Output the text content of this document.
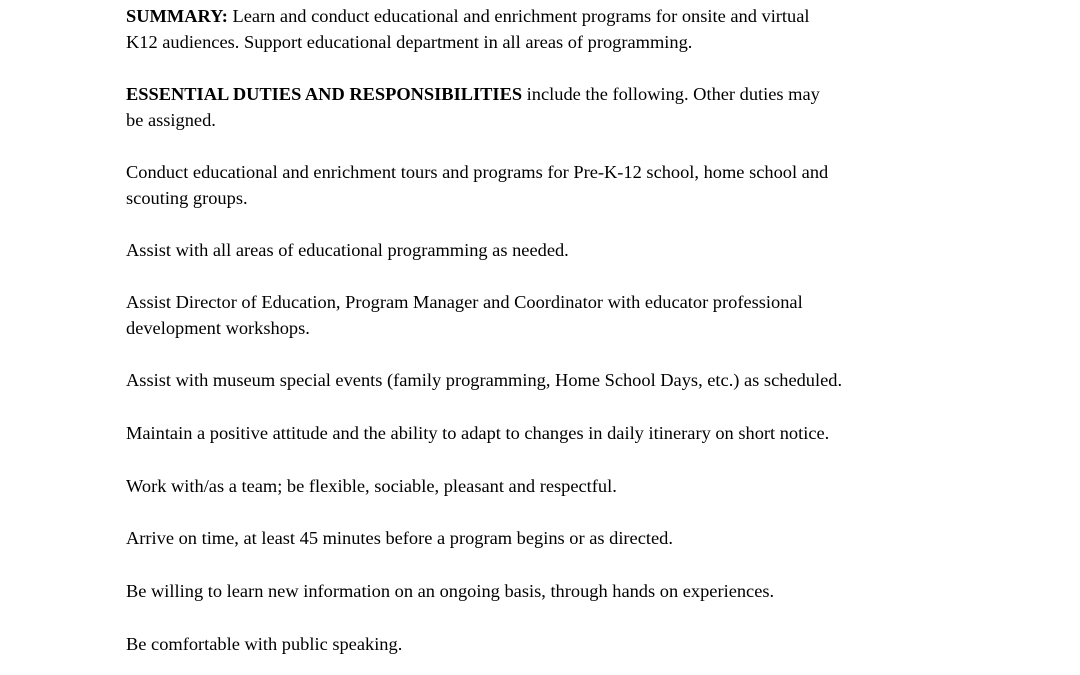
SUMMARY: Learn and conduct educational and enrichment programs for onsite and virtual
K12 audiences. Support educational department in all areas of programming.

ESSENTIAL DUTIES AND RESPONSIBILITIES include the following. Other duties may
be assigned.

Conduct educational and enrichment tours and programs for Pre-K-12 school, home school and
scouting groups.

Assist with all areas of educational programming as needed.

Assist Director of Education, Program Manager and Coordinator with educator professional
development workshops.

Assist with museum special events (family programming, Home School Days, etc.) as scheduled.

Maintain a positive attitude and the ability to adapt to changes in daily itinerary on short notice.

Work with/as a team; be flexible, sociable, pleasant and respectful.

Arrive on time, at least 45 minutes before a program begins or as directed.

Be willing to learn new information on an ongoing basis, through hands on experiences.

Be comfortable with public speaking.
